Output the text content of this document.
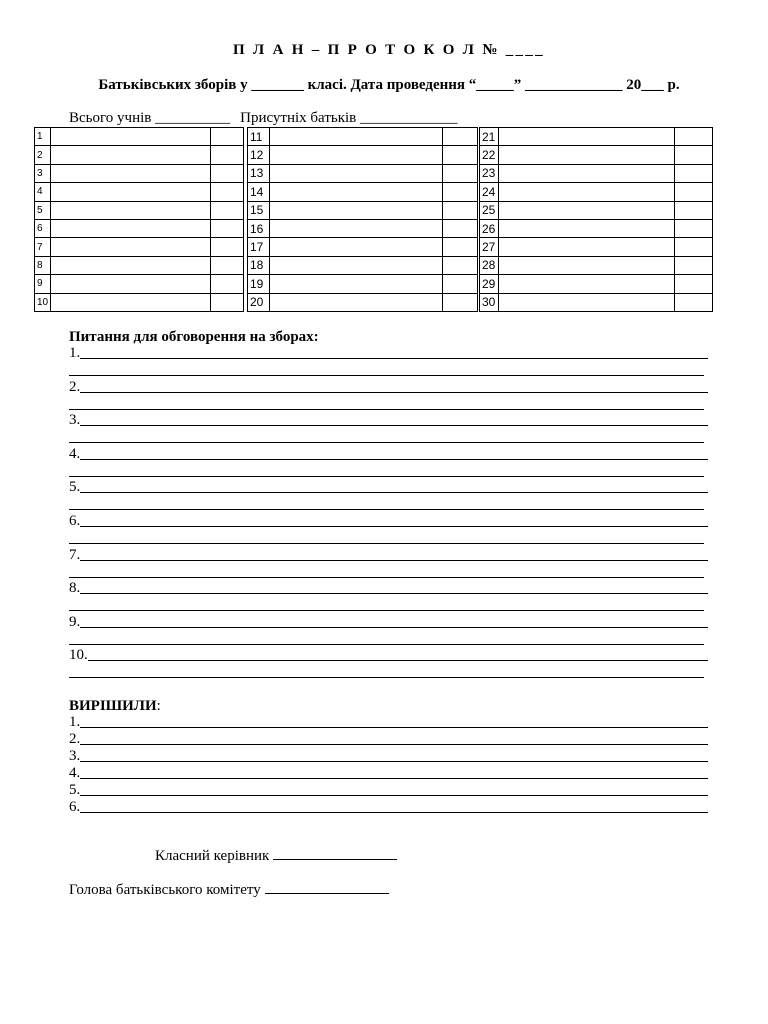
П Л А Н – П Р О Т О К О Л № ____
Батьківських зборів у _______ класі. Дата проведення “_____” _____________ 20___ р.
Всього учнів __________ Присутніх батьків _____________
1				11				21		
2				12				22		
3				13				23		
4				14				24		
5				15				25		
6				16				26		
7				17				27		
8				18				28		
9				19				29		
10				20				30		
Питання для обговорення на зборах:
1.
2.
3.
4.
5.
6.
7.
8.
9.
10.
ВИРІШИЛИ:
1.
2.
3.
4.
5.
6.
Класний керівник
Голова батьківського комітету
